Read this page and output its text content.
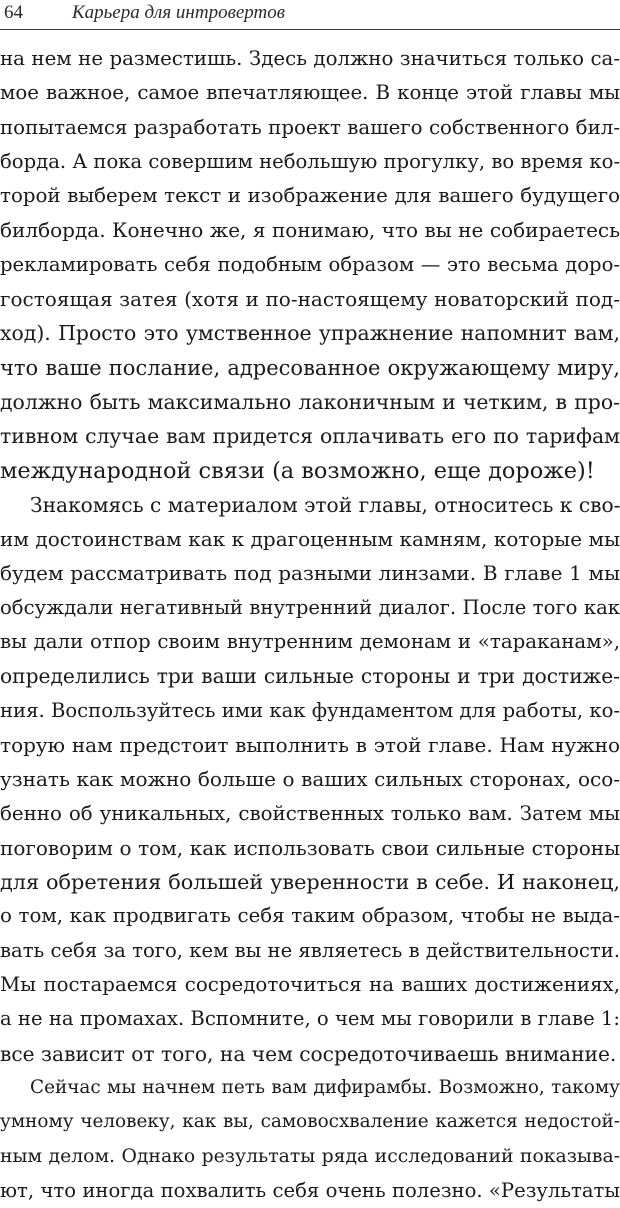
64	Карьера для интровертов
на нем не разместишь. Здесь должно значиться только са-
мое важное, самое впечатляющее. В конце этой главы мы
попытаемся разработать проект вашего собственного бил-
борда. А пока совершим небольшую прогулку, во время ко-
торой выберем текст и изображение для вашего будущего
билборда. Конечно же, я понимаю, что вы не собираетесь
рекламировать себя подобным образом — это весьма доро-
гостоящая затея (хотя и по-настоящему новаторский под-
ход). Просто это умственное упражнение напомнит вам,
что ваше послание, адресованное окружающему миру,
должно быть максимально лаконичным и четким, в про-
тивном случае вам придется оплачивать его по тарифам
международной связи (а возможно, еще дороже)!
Знакомясь с материалом этой главы, относитесь к сво-
им достоинствам как к драгоценным камням, которые мы
будем рассматривать под разными линзами. В главе 1 мы
обсуждали негативный внутренний диалог. После того как
вы дали отпор своим внутренним демонам и «тараканам»,
определились три ваши сильные стороны и три достиже-
ния. Воспользуйтесь ими как фундаментом для работы, ко-
торую нам предстоит выполнить в этой главе. Нам нужно
узнать как можно больше о ваших сильных сторонах, осо-
бенно об уникальных, свойственных только вам. Затем мы
поговорим о том, как использовать свои сильные стороны
для обретения большей уверенности в себе. И наконец,
о том, как продвигать себя таким образом, чтобы не выда-
вать себя за того, кем вы не являетесь в действительности.
Мы постараемся сосредоточиться на ваших достижениях,
а не на промахах. Вспомните, о чем мы говорили в главе 1:
все зависит от того, на чем сосредоточиваешь внимание.
Сейчас мы начнем петь вам дифирамбы. Возможно, такому
умному человеку, как вы, самовосхваление кажется недостой-
ным делом. Однако результаты ряда исследований показыва-
ют, что иногда похвалить себя очень полезно. «Результаты
